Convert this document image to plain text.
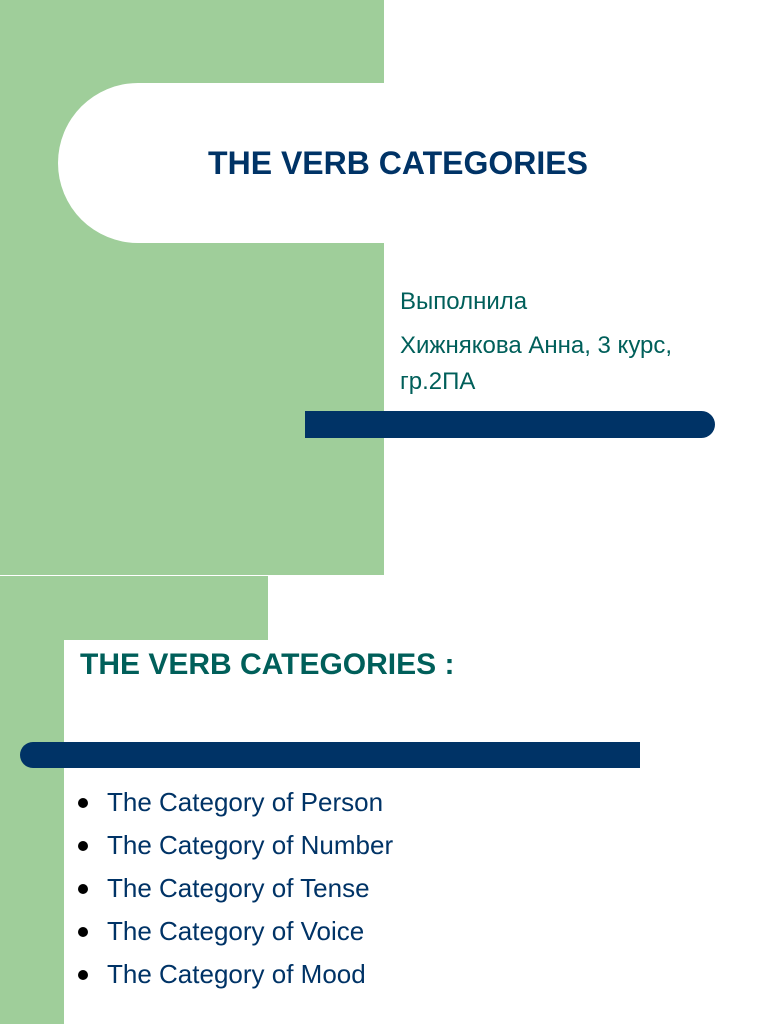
THE VERB CATEGORIES
Выполнила
Хижнякова Анна, 3 курс, гр.2ПА
THE VERB CATEGORIES :
The Category of Person
The Category of Number
The Category of Tense
The Category of Voice
The Category of Mood
